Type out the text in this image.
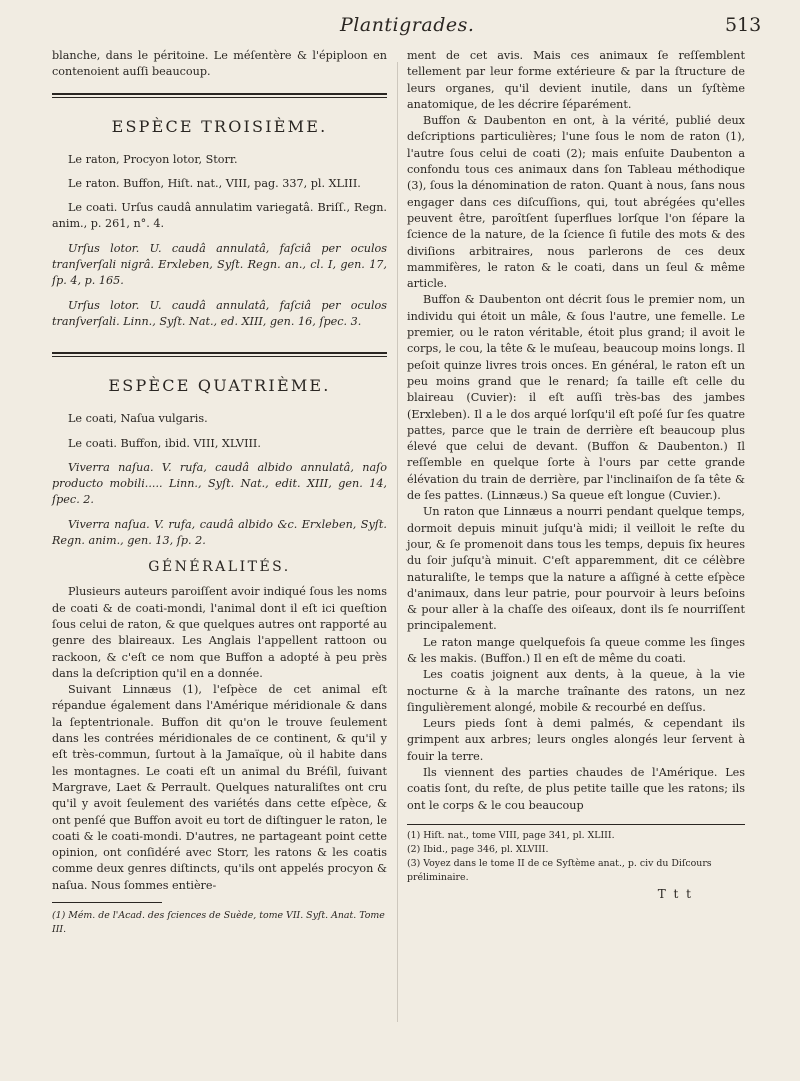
Plantigrades.	513

blanche, dans le péritoine. Le méſentère & l'épiploon en contenoient auſſi beaucoup.

ESPÈCE TROISIÈME.

Le raton, Procyon lotor, Storr.

Le raton. Buffon, Hiſt. nat., VIII, pag. 337, pl. XLIII.

Le coati. Urſus caudâ annulatim variegatâ. Briſſ., Regn. anim., p. 261, n°. 4.

Urſus lotor. U. caudâ annulatâ, faſciâ per oculos tranſverſali nigrâ. Erxleben, Syſt. Regn. an., cl. I, gen. 17, ſp. 4, p. 165.

Urſus lotor. U. caudâ annulatâ, faſciâ per oculos tranſverſali. Linn., Syſt. Nat., ed. XIII, gen. 16, ſpec. 3.

ESPÈCE QUATRIÈME.

Le coati, Naſua vulgaris.

Le coati. Buffon, ibid. VIII, XLVIII.

Viverra naſua. V. rufa, caudâ albido annulatâ, naſo producto mobili..... Linn., Syſt. Nat., edit. XIII, gen. 14, ſpec. 2.

Viverra naſua. V. rufa, caudâ albido &c. Erxleben, Syſt. Regn. anim., gen. 13, ſp. 2.

GÉNÉRALITÉS.

Plusieurs auteurs paroiſſent avoir indiqué ſous les noms de coati & de coati-mondi, l'animal dont il eſt ici queſtion ſous celui de raton, & que quelques autres ont rapporté au genre des blaireaux. Les Anglais l'appellent rattoon ou rackoon, & c'eſt ce nom que Buffon a adopté à peu près dans la deſcription qu'il en a donnée.

Suivant Linnæus (1), l'eſpèce de cet animal eſt répandue également dans l'Amérique méridionale & dans la ſeptentrionale. Buffon dit qu'on le trouve ſeulement dans les contrées méridionales de ce continent, & qu'il y eſt très-commun, ſurtout à la Jamaïque, où il habite dans les montagnes. Le coati eſt un animal du Bréſil, ſuivant Margrave, Laet & Perrault. Quelques naturaliſtes ont cru qu'il y avoit ſeulement des variétés dans cette eſpèce, & ont penſé que Buffon avoit eu tort de diſtinguer le raton, le coati & le coati-mondi. D'autres, ne partageant point cette opinion, ont conſidéré avec Storr, les ratons & les coatis comme deux genres diſtincts, qu'ils ont appelés procyon & naſua. Nous ſommes entière-

(1) Mém. de l'Acad. des ſciences de Suède, tome VII. Syſt. Anat. Tome III.

ment de cet avis. Mais ces animaux ſe reſſemblent tellement par leur forme extérieure & par la ſtructure de leurs organes, qu'il devient inutile, dans un ſyſtème anatomique, de les décrire ſéparément.

Buffon & Daubenton en ont, à la vérité, publié deux deſcriptions particulières; l'une ſous le nom de raton (1), l'autre ſous celui de coati (2); mais enſuite Daubenton a confondu tous ces animaux dans ſon Tableau méthodique (3), ſous la dénomination de raton. Quant à nous, ſans nous engager dans ces diſcuſſions, qui, tout abrégées qu'elles peuvent être, paroîtſent ſuperflues lorſque l'on ſépare la ſcience de la nature, de la ſcience ſi futile des mots & des diviſions arbitraires, nous parlerons de ces deux mammifères, le raton & le coati, dans un ſeul & même article.

Buffon & Daubenton ont décrit ſous le premier nom, un individu qui étoit un mâle, & ſous l'autre, une femelle. Le premier, ou le raton véritable, étoit plus grand; il avoit le corps, le cou, la tête & le muſeau, beaucoup moins longs. Il peſoit quinze livres trois onces. En général, le raton eſt un peu moins grand que le renard; ſa taille eſt celle du blaireau (Cuvier): il eſt auſſi très-bas des jambes (Erxleben). Il a le dos arqué lorſqu'il eſt poſé ſur ſes quatre pattes, parce que le train de derrière eſt beaucoup plus élevé que celui de devant. (Buffon & Daubenton.) Il reſſemble en quelque ſorte à l'ours par cette grande élévation du train de derrière, par l'inclinaiſon de ſa tête & de ſes pattes. (Linnæus.) Sa queue eſt longue (Cuvier.).

Un raton que Linnæus a nourri pendant quelque temps, dormoit depuis minuit juſqu'à midi; il veilloit le reſte du jour, & ſe promenoit dans tous les temps, depuis ſix heures du ſoir juſqu'à minuit. C'eſt apparemment, dit ce célèbre naturaliſte, le temps que la nature a aſſigné à cette eſpèce d'animaux, dans leur patrie, pour pourvoir à leurs beſoins & pour aller à la chaſſe des oiſeaux, dont ils ſe nourriſſent principalement.

Le raton mange quelquefois ſa queue comme les ſinges & les makis. (Buffon.) Il en eſt de même du coati.

Les coatis joignent aux dents, à la queue, à la vie nocturne & à la marche traînante des ratons, un nez ſingulièrement alongé, mobile & recourbé en deſſus.

Leurs pieds ſont à demi palmés, & cependant ils grimpent aux arbres; leurs ongles alongés leur ſervent à fouir la terre.

Ils viennent des parties chaudes de l'Amérique. Les coatis ſont, du reſte, de plus petite taille que les ratons; ils ont le corps & le cou beaucoup

(1) Hiſt. nat., tome VIII, page 341, pl. XLIII.

(2) Ibid., page 346, pl. XLVIII.

(3) Voyez dans le tome II de ce Syſtème anat., p. civ du Diſcours préliminaire.

T t t
